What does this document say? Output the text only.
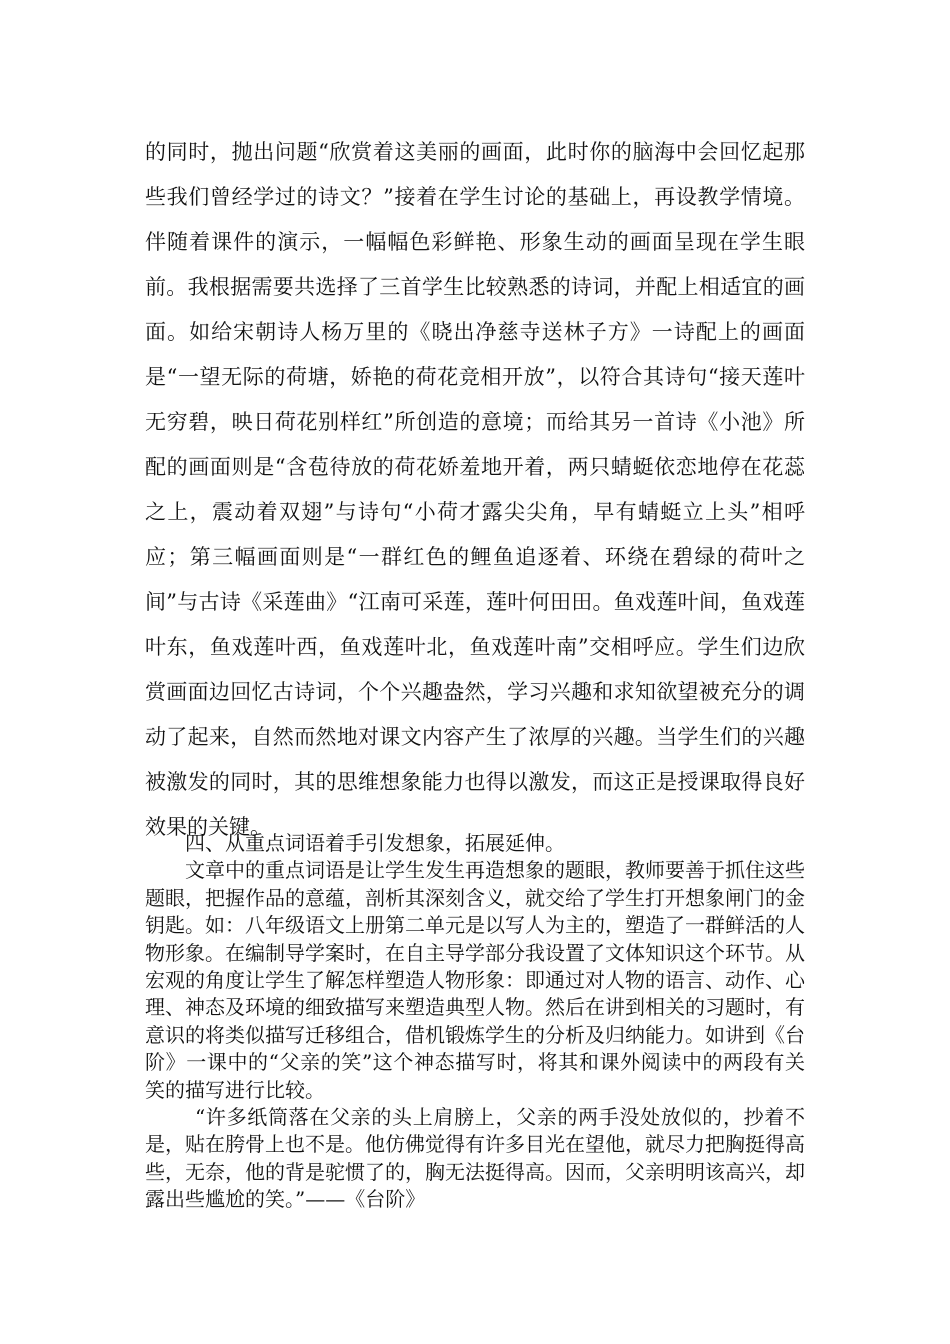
的同时，抛出问题“欣赏着这美丽的画面，此时你的脑海中会回忆起那些我们曾经学过的诗文？”接着在学生讨论的基础上，再设教学情境。伴随着课件的演示，一幅幅色彩鲜艳、形象生动的画面呈现在学生眼前。我根据需要共选择了三首学生比较熟悉的诗词，并配上相适宜的画面。如给宋朝诗人杨万里的《晓出净慈寺送林子方》一诗配上的画面是“一望无际的荷塘，娇艳的荷花竞相开放”，以符合其诗句“接天莲叶无穷碧，映日荷花别样红”所创造的意境；而给其另一首诗《小池》所配的画面则是“含苞待放的荷花娇羞地开着，两只蜻蜓依恋地停在花蕊之上，震动着双翅”与诗句“小荷才露尖尖角，早有蜻蜓立上头”相呼应；第三幅画面则是“一群红色的鲤鱼追逐着、环绕在碧绿的荷叶之间”与古诗《采莲曲》“江南可采莲，莲叶何田田。鱼戏莲叶间，鱼戏莲叶东，鱼戏莲叶西，鱼戏莲叶北，鱼戏莲叶南”交相呼应。学生们边欣赏画面边回忆古诗词，个个兴趣盎然，学习兴趣和求知欲望被充分的调动了起来，自然而然地对课文内容产生了浓厚的兴趣。当学生们的兴趣被激发的同时，其的思维想象能力也得以激发，而这正是授课取得良好效果的关键。

四、从重点词语着手引发想象，拓展延伸。

文章中的重点词语是让学生发生再造想象的题眼，教师要善于抓住这些题眼，把握作品的意蕴，剖析其深刻含义，就交给了学生打开想象闸门的金钥匙。如：八年级语文上册第二单元是以写人为主的，塑造了一群鲜活的人物形象。在编制导学案时，在自主导学部分我设置了文体知识这个环节。从宏观的角度让学生了解怎样塑造人物形象：即通过对人物的语言、动作、心理、神态及环境的细致描写来塑造典型人物。然后在讲到相关的习题时，有意识的将类似描写迁移组合，借机锻炼学生的分析及归纳能力。如讲到《台阶》一课中的“父亲的笑”这个神态描写时，将其和课外阅读中的两段有关笑的描写进行比较。

“许多纸筒落在父亲的头上肩膀上，父亲的两手没处放似的，抄着不是，贴在胯骨上也不是。他仿佛觉得有许多目光在望他，就尽力把胸挺得高些，无奈，他的背是驼惯了的，胸无法挺得高。因而，父亲明明该高兴，却露出些尴尬的笑。”——《台阶》
